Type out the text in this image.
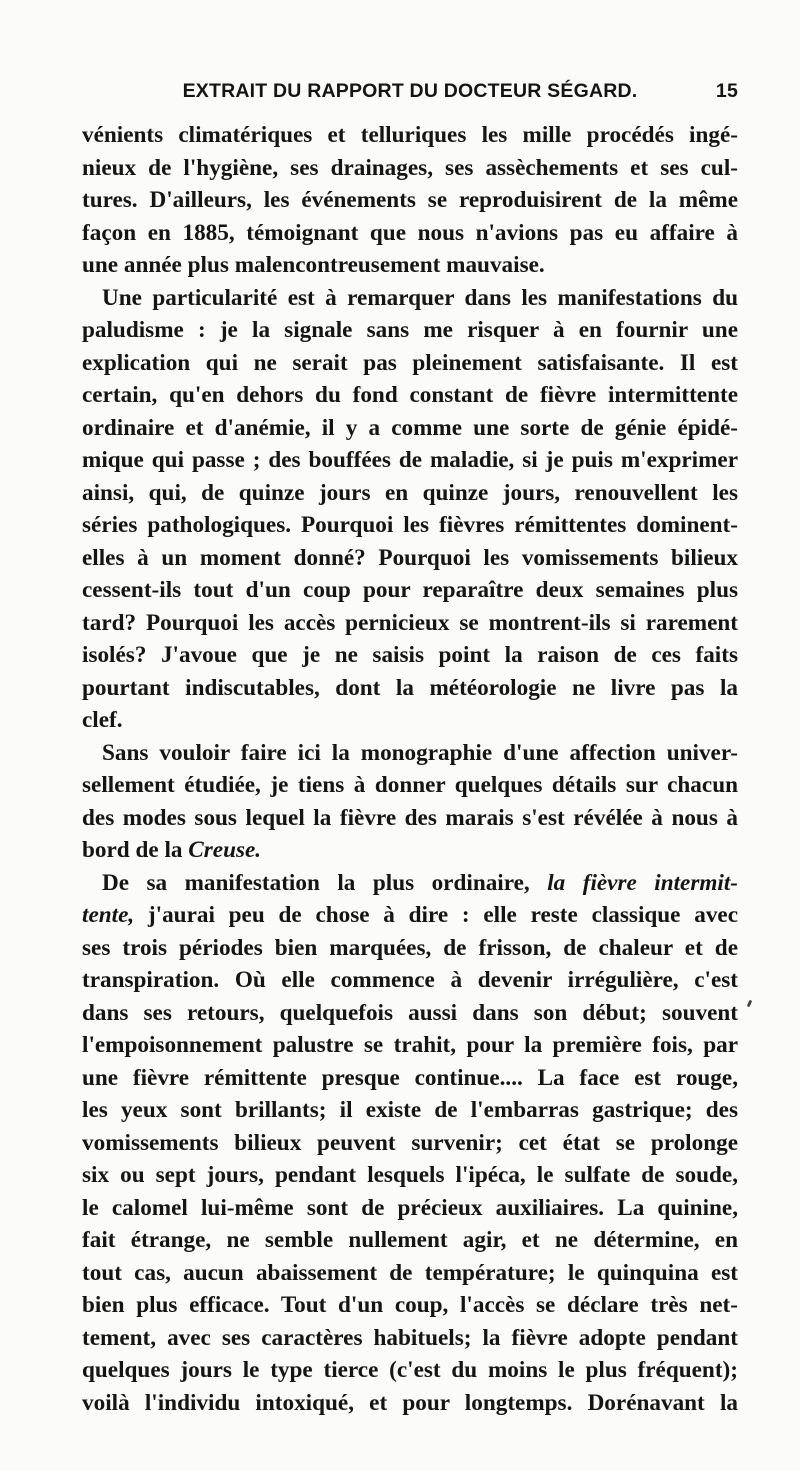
EXTRAIT DU RAPPORT DU DOCTEUR SÉGARD.	15
vénients climatériques et telluriques les mille procédés ingé-
nieux de l'hygiène, ses drainages, ses assèchements et ses cul-
tures. D'ailleurs, les événements se reproduisirent de la même
façon en 1885, témoignant que nous n'avions pas eu affaire à
une année plus malencontreusement mauvaise.
Une particularité est à remarquer dans les manifestations du
paludisme : je la signale sans me risquer à en fournir une
explication qui ne serait pas pleinement satisfaisante. Il est
certain, qu'en dehors du fond constant de fièvre intermittente
ordinaire et d'anémie, il y a comme une sorte de génie épidé-
mique qui passe ; des bouffées de maladie, si je puis m'exprimer
ainsi, qui, de quinze jours en quinze jours, renouvellent les
séries pathologiques. Pourquoi les fièvres rémittentes dominent-
elles à un moment donné? Pourquoi les vomissements bilieux
cessent-ils tout d'un coup pour reparaître deux semaines plus
tard? Pourquoi les accès pernicieux se montrent-ils si rarement
isolés? J'avoue que je ne saisis point la raison de ces faits
pourtant indiscutables, dont la météorologie ne livre pas la
clef.
Sans vouloir faire ici la monographie d'une affection univer-
sellement étudiée, je tiens à donner quelques détails sur chacun
des modes sous lequel la fièvre des marais s'est révélée à nous à
bord de la Creuse.
De sa manifestation la plus ordinaire, la fièvre intermit-
tente, j'aurai peu de chose à dire : elle reste classique avec
ses trois périodes bien marquées, de frisson, de chaleur et de
transpiration. Où elle commence à devenir irrégulière, c'est
dans ses retours, quelquefois aussi dans son début; souvent
l'empoisonnement palustre se trahit, pour la première fois, par
une fièvre rémittente presque continue.... La face est rouge,
les yeux sont brillants; il existe de l'embarras gastrique; des
vomissements bilieux peuvent survenir; cet état se prolonge
six ou sept jours, pendant lesquels l'ipéca, le sulfate de soude,
le calomel lui-même sont de précieux auxiliaires. La quinine,
fait étrange, ne semble nullement agir, et ne détermine, en
tout cas, aucun abaissement de température; le quinquina est
bien plus efficace. Tout d'un coup, l'accès se déclare très net-
tement, avec ses caractères habituels; la fièvre adopte pendant
quelques jours le type tierce (c'est du moins le plus fréquent);
voilà l'individu intoxiqué, et pour longtemps. Dorénavant la
